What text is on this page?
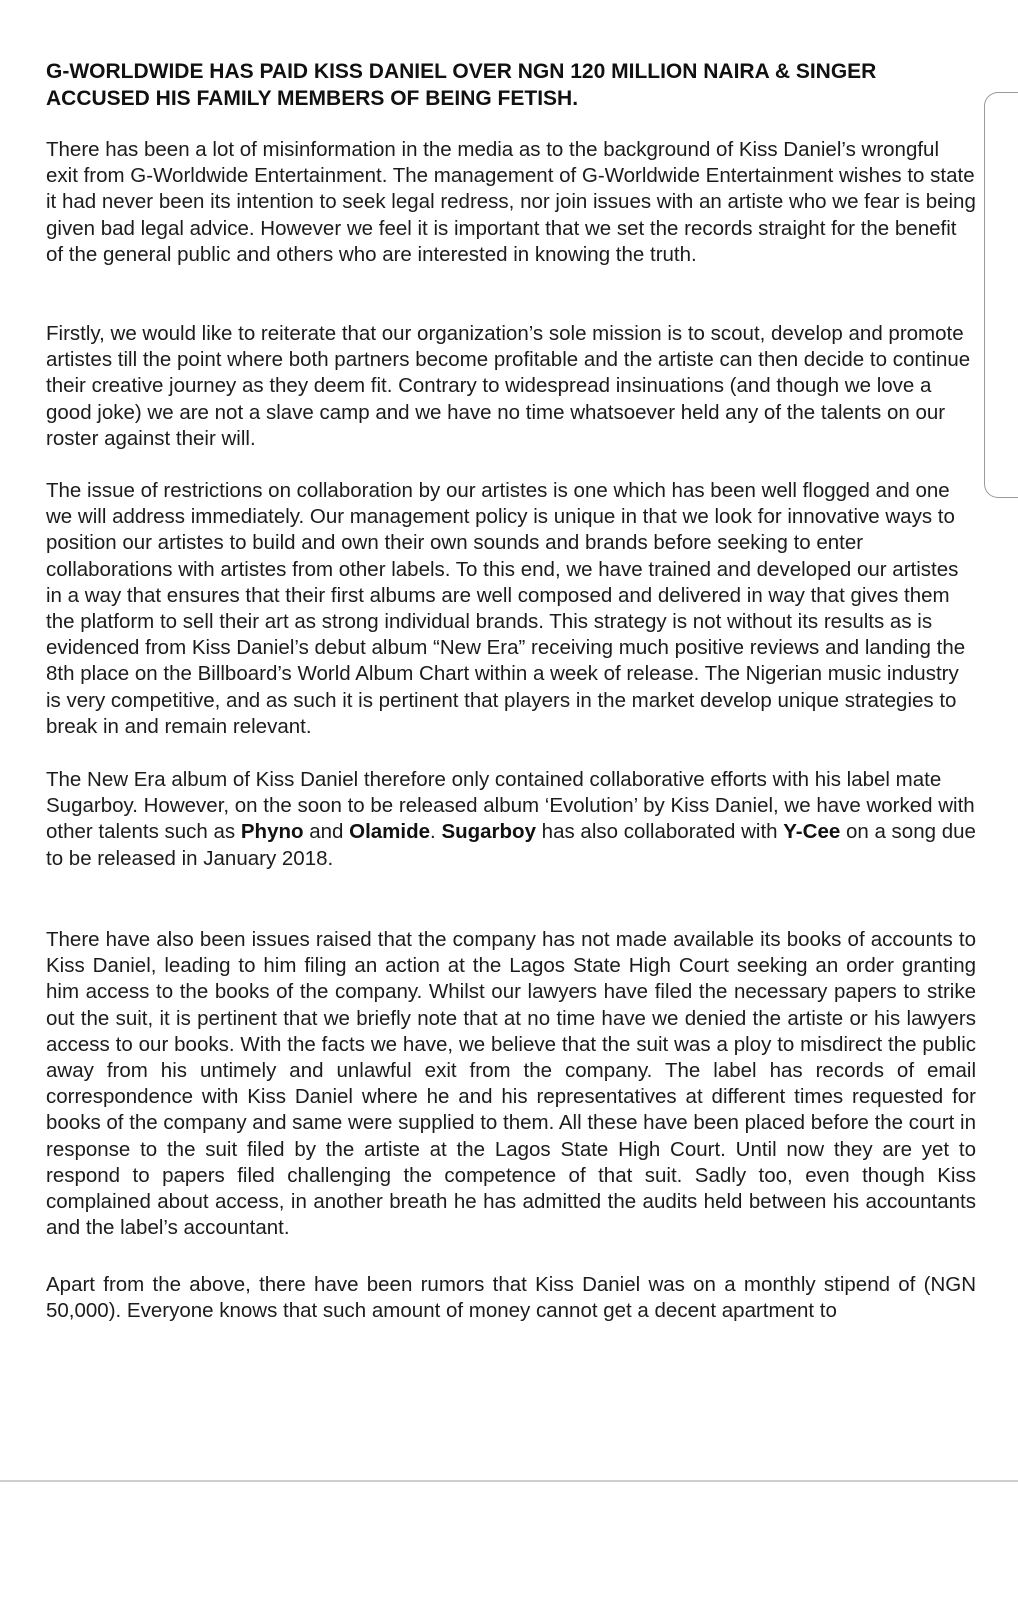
G-WORLDWIDE HAS PAID KISS DANIEL OVER NGN 120 MILLION NAIRA & SINGER ACCUSED HIS FAMILY MEMBERS OF BEING FETISH.

There has been a lot of misinformation in the media as to the background of Kiss Daniel’s wrongful exit from G-Worldwide Entertainment. The management of G-Worldwide Entertainment wishes to state it had never been its intention to seek legal redress, nor join issues with an artiste who we fear is being given bad legal advice. However we feel it is important that we set the records straight for the benefit of the general public and others who are interested in knowing the truth.

Firstly, we would like to reiterate that our organization’s sole mission is to scout, develop and promote artistes till the point where both partners become profitable and the artiste can then decide to continue their creative journey as they deem fit. Contrary to widespread insinuations (and though we love a good joke) we are not a slave camp and we have no time whatsoever held any of the talents on our roster against their will.

The issue of restrictions on collaboration by our artistes is one which has been well flogged and one we will address immediately. Our management policy is unique in that we look for innovative ways to position our artistes to build and own their own sounds and brands before seeking to enter collaborations with artistes from other labels. To this end, we have trained and developed our artistes in a way that ensures that their first albums are well composed and delivered in way that gives them the platform to sell their art as strong individual brands. This strategy is not without its results as is evidenced from Kiss Daniel’s debut album “New Era” receiving much positive reviews and landing the 8th place on the Billboard’s World Album Chart within a week of release. The Nigerian music industry is very competitive, and as such it is pertinent that players in the market develop unique strategies to break in and remain relevant.

The New Era album of Kiss Daniel therefore only contained collaborative efforts with his label mate Sugarboy. However, on the soon to be released album ‘Evolution’ by Kiss Daniel, we have worked with other talents such as Phyno and Olamide. Sugarboy has also collaborated with Y-Cee on a song due to be released in January 2018.

There have also been issues raised that the company has not made available its books of accounts to Kiss Daniel, leading to him filing an action at the Lagos State High Court seeking an order granting him access to the books of the company. Whilst our lawyers have filed the necessary papers to strike out the suit, it is pertinent that we briefly note that at no time have we denied the artiste or his lawyers access to our books. With the facts we have, we believe that the suit was a ploy to misdirect the public away from his untimely and unlawful exit from the company. The label has records of email correspondence with Kiss Daniel where he and his representatives at different times requested for books of the company and same were supplied to them. All these have been placed before the court in response to the suit filed by the artiste at the Lagos State High Court. Until now they are yet to respond to papers filed challenging the competence of that suit. Sadly too, even though Kiss complained about access, in another breath he has admitted the audits held between his accountants and the label’s accountant.

Apart from the above, there have been rumors that Kiss Daniel was on a monthly stipend of (NGN 50,000). Everyone knows that such amount of money cannot get a decent apartment to
